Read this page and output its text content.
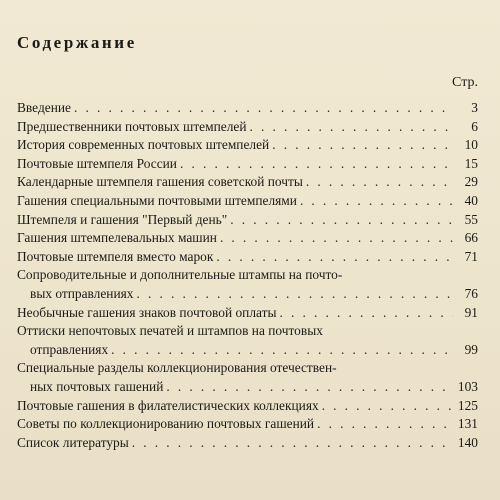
Содержание
Стр.
Введение . . .	3
Предшественники почтовых штемпелей . . .	6
История современных почтовых штемпелей . . .	10
Почтовые штемпеля России . . .	15
Календарные штемпеля гашения советской почты . . .	29
Гашения специальными почтовыми штемпелями . . .	40
Штемпеля и гашения "Первый день" . . .	55
Гашения штемпелевальных машин . . .	66
Почтовые штемпеля вместо марок . . .	71
Сопроводительные и дополнительные штампы на почто-
вых отправлениях . . .	76
Необычные гашения знаков почтовой оплаты . . .	91
Оттиски непочтовых печатей и штампов на почтовых
отправлениях . . .	99
Специальные разделы коллекционирования отечествен-
ных почтовых гашений . . .	103
Почтовые гашения в филателистических коллекциях . . .	125
Советы по коллекционированию почтовых гашений . . .	131
Список литературы . . .	140
